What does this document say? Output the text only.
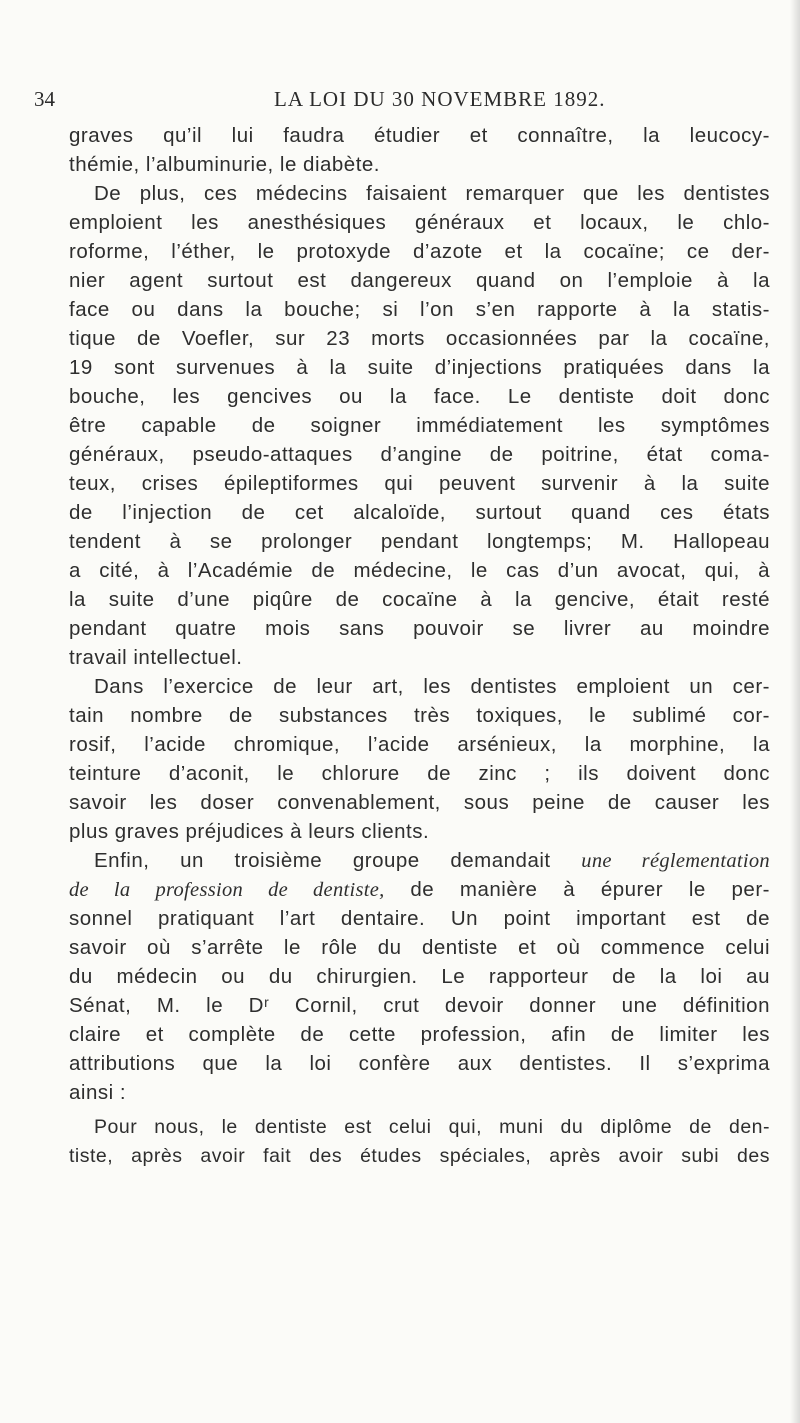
34	LA LOI DU 30 NOVEMBRE 1892.
graves qu’il lui faudra étudier et connaître, la leucocy-
thémie, l’albuminurie, le diabète.
De plus, ces médecins faisaient remarquer que les dentistes
emploient les anesthésiques généraux et locaux, le chlo-
roforme, l’éther, le protoxyde d’azote et la cocaïne; ce der-
nier agent surtout est dangereux quand on l’emploie à la
face ou dans la bouche; si l’on s’en rapporte à la statis-
tique de Voefler, sur 23 morts occasionnées par la cocaïne,
19 sont survenues à la suite d’injections pratiquées dans la
bouche, les gencives ou la face. Le dentiste doit donc
être capable de soigner immédiatement les symptômes
généraux, pseudo-attaques d’angine de poitrine, état coma-
teux, crises épileptiformes qui peuvent survenir à la suite
de l’injection de cet alcaloïde, surtout quand ces états
tendent à se prolonger pendant longtemps; M. Hallopeau
a cité, à l’Académie de médecine, le cas d’un avocat, qui, à
la suite d’une piqûre de cocaïne à la gencive, était resté
pendant quatre mois sans pouvoir se livrer au moindre
travail intellectuel.
Dans l’exercice de leur art, les dentistes emploient un cer-
tain nombre de substances très toxiques, le sublimé cor-
rosif, l’acide chromique, l’acide arsénieux, la morphine, la
teinture d’aconit, le chlorure de zinc ; ils doivent donc
savoir les doser convenablement, sous peine de causer les
plus graves préjudices à leurs clients.
Enfin, un troisième groupe demandait une réglementation
de la profession de dentiste, de manière à épurer le per-
sonnel pratiquant l’art dentaire. Un point important est de
savoir où s’arrête le rôle du dentiste et où commence celui
du médecin ou du chirurgien. Le rapporteur de la loi au
Sénat, M. le Dʳ Cornil, crut devoir donner une définition
claire et complète de cette profession, afin de limiter les
attributions que la loi confère aux dentistes. Il s’exprima
ainsi :
Pour nous, le dentiste est celui qui, muni du diplôme de den-
tiste, après avoir fait des études spéciales, après avoir subi des
